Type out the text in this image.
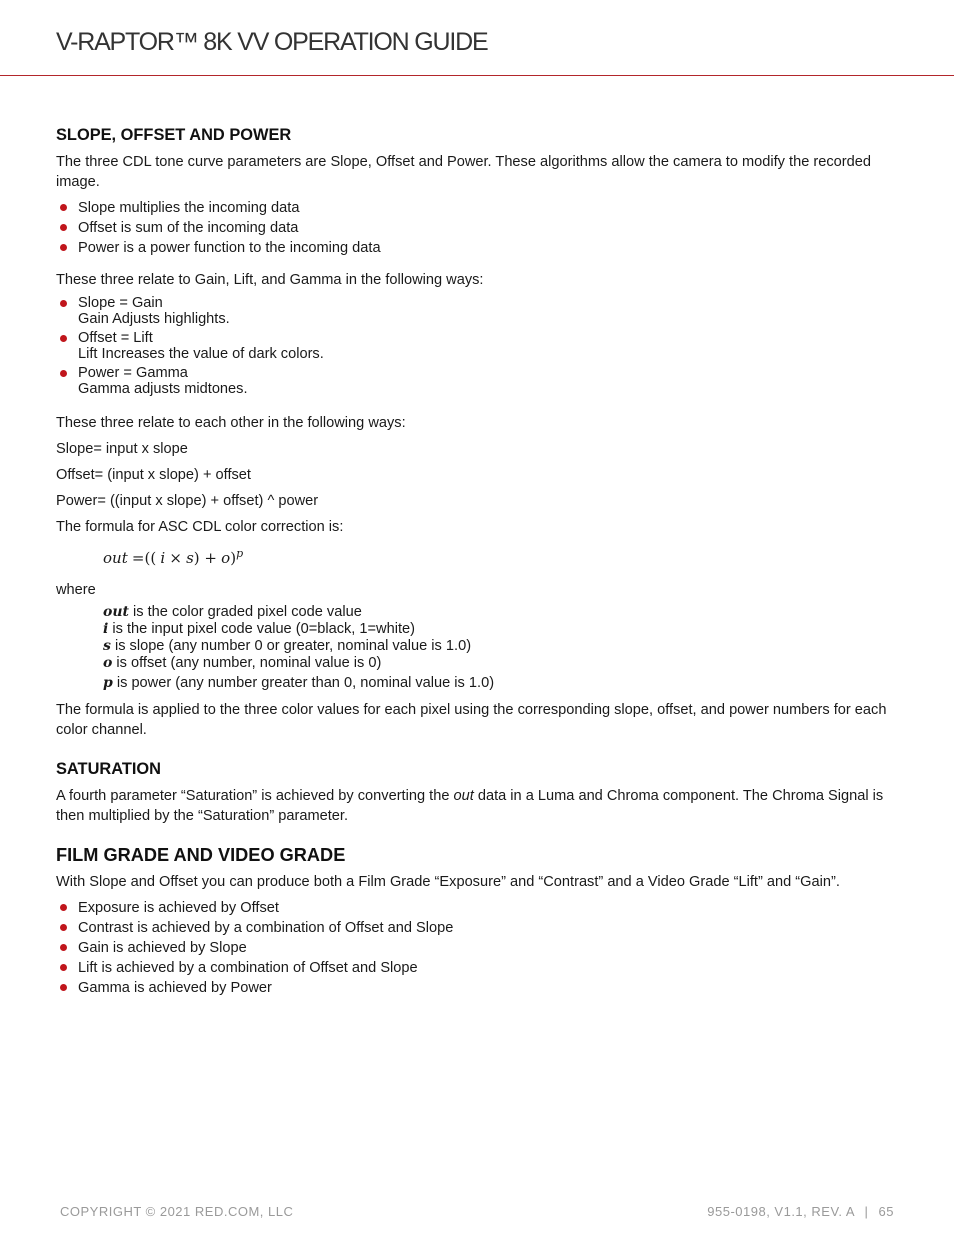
V-RAPTOR™ 8K VV OPERATION GUIDE
SLOPE, OFFSET AND POWER

The three CDL tone curve parameters are Slope, Offset and Power. These algorithms allow the camera to modify the recorded image.

Slope multiplies the incoming data
Offset is sum of the incoming data
Power is a power function to the incoming data

These three relate to Gain, Lift, and Gamma in the following ways:

Slope = Gain
Gain Adjusts highlights.
Offset = Lift
Lift Increases the value of dark colors.
Power = Gamma
Gamma adjusts midtones.

These three relate to each other in the following ways:

Slope= input x slope

Offset= (input x slope) + offset

Power= ((input x slope) + offset) ^ power

The formula for ASC CDL color correction is:

out =(( i × s) + o)$^p$

where

out is the color graded pixel code value
i is the input pixel code value (0=black, 1=white)
s is slope (any number 0 or greater, nominal value is 1.0)
o is offset (any number, nominal value is 0)
p is power (any number greater than 0, nominal value is 1.0)

The formula is applied to the three color values for each pixel using the corresponding slope, offset, and power numbers for each color channel.

SATURATION

A fourth parameter “Saturation” is achieved by converting the out data in a Luma and Chroma component. The Chroma Signal is then multiplied by the “Saturation” parameter.

FILM GRADE AND VIDEO GRADE

With Slope and Offset you can produce both a Film Grade “Exposure” and “Contrast” and a Video Grade “Lift” and “Gain”.

Exposure is achieved by Offset
Contrast is achieved by a combination of Offset and Slope
Gain is achieved by Slope
Lift is achieved by a combination of Offset and Slope
Gamma is achieved by Power
COPYRIGHT © 2021 RED.COM, LLC	955-0198, V1.1, REV. A | 65
